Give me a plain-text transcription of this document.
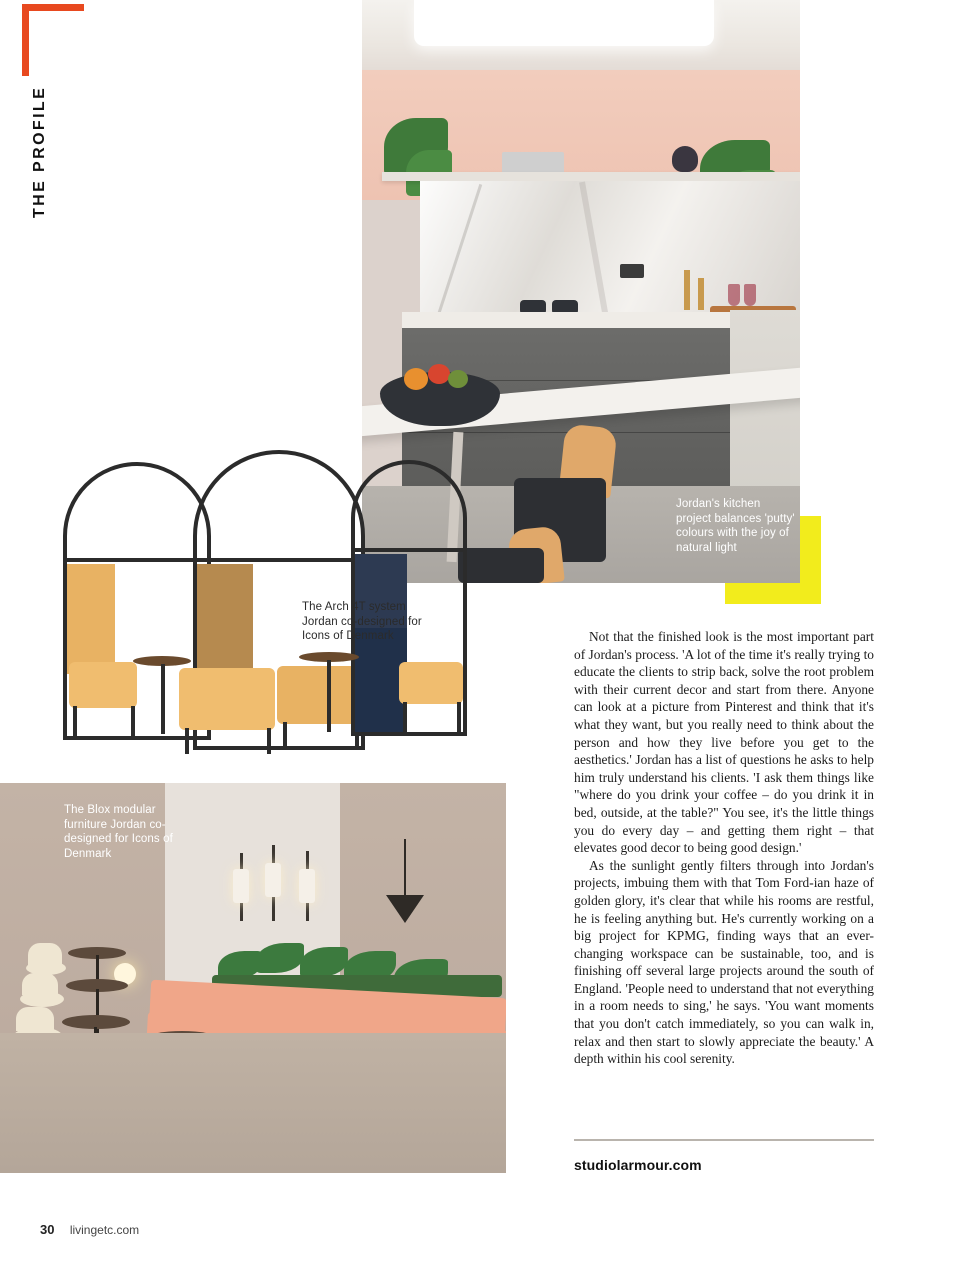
THE PROFILE
Jordan's kitchen project balances 'putty' colours with the joy of natural light
The Arch 4T system Jordan co-designed for Icons of Denmark
The Blox modular furniture Jordan co-designed for Icons of Denmark

Not that the finished look is the most important part of Jordan's process. 'A lot of the time it's really trying to educate the clients to strip back, solve the root problem with their current decor and start from there. Anyone can look at a picture from Pinterest and think that it's what they want, but you really need to think about the person and how they live before you get to the aesthetics.' Jordan has a list of questions he asks to help him truly understand his clients. 'I ask them things like "where do you drink your coffee – do you drink it in bed, outside, at the table?" You see, it's the little things you do every day – and getting them right – that elevates good decor to being good design.'

As the sunlight gently filters through into Jordan's projects, imbuing them with that Tom Ford-ian haze of golden glory, it's clear that while his rooms are restful, he is feeling anything but. He's currently working on a big project for KPMG, finding ways that an ever-changing workspace can be sustainable, too, and is finishing off several large projects around the south of England. 'People need to understand that not everything in a room needs to sing,' he says. 'You want moments that you don't catch immediately, so you can walk in, relax and then start to slowly appreciate the beauty.' A depth within his cool serenity.

studiolarmour.com
30 livingetc.com
